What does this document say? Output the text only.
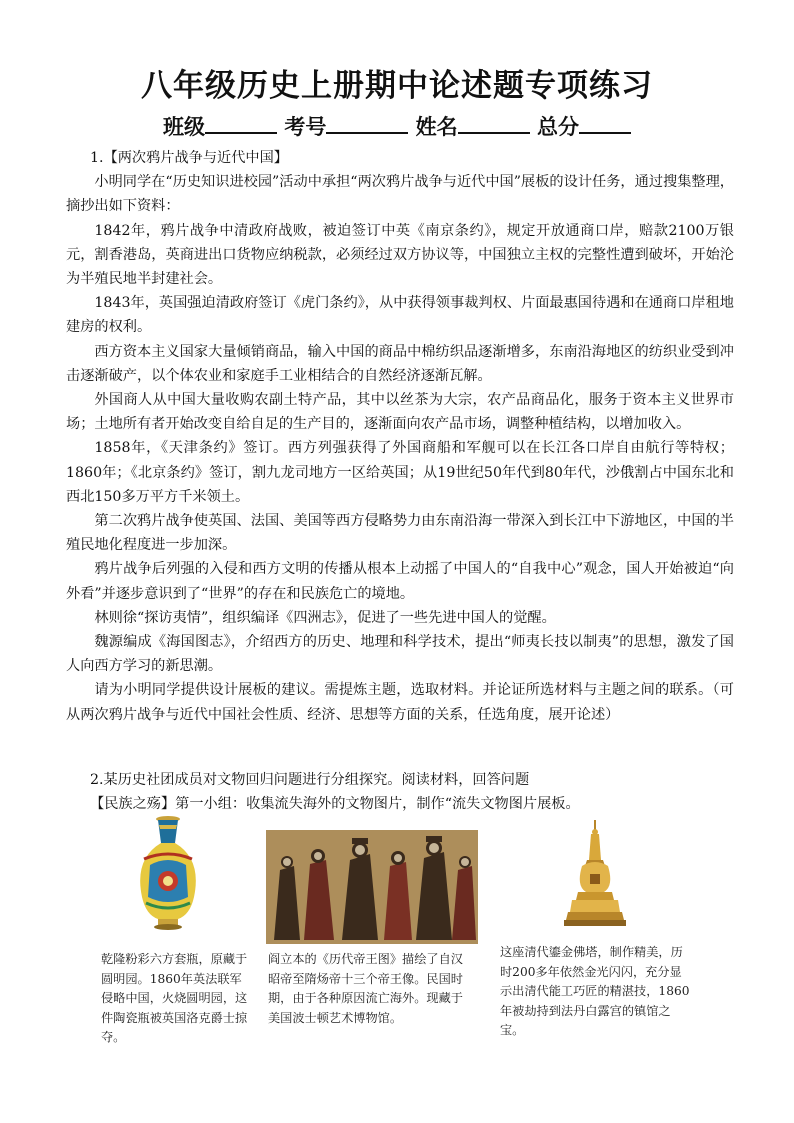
八年级历史上册期中论述题专项练习
班级	考号	姓名	总分

1.【两次鸦片战争与近代中国】

小明同学在“历史知识进校园”活动中承担“两次鸦片战争与近代中国”展板的设计任务，通过搜集整理，摘抄出如下资料：

1842年，鸦片战争中清政府战败，被迫签订中英《南京条约》，规定开放通商口岸，赔款2100万银元，割香港岛，英商进出口货物应纳税款，必须经过双方协议等，中国独立主权的完整性遭到破坏，开始沦为半殖民地半封建社会。

1843年，英国强迫清政府签订《虎门条约》，从中获得领事裁判权、片面最惠国待遇和在通商口岸租地建房的权利。

西方资本主义国家大量倾销商品，输入中国的商品中棉纺织品逐渐增多，东南沿海地区的纺织业受到冲击逐渐破产，以个体农业和家庭手工业相结合的自然经济逐渐瓦解。

外国商人从中国大量收购农副土特产品，其中以丝茶为大宗，农产品商品化，服务于资本主义世界市场；土地所有者开始改变自给自足的生产目的，逐渐面向农产品市场，调整种植结构，以增加收入。

1858年，《天津条约》签订。西方列强获得了外国商船和军舰可以在长江各口岸自由航行等特权；1860年；《北京条约》签订，割九龙司地方一区给英国；从19世纪50年代到80年代，沙俄割占中国东北和西北150多万平方千米领土。

第二次鸦片战争使英国、法国、美国等西方侵略势力由东南沿海一带深入到长江中下游地区，中国的半殖民地化程度进一步加深。

鸦片战争后列强的入侵和西方文明的传播从根本上动摇了中国人的“自我中心”观念，国人开始被迫“向外看”并逐步意识到了“世界”的存在和民族危亡的境地。

林则徐“探访夷情”，组织编译《四洲志》，促进了一些先进中国人的觉醒。

魏源编成《海国图志》，介绍西方的历史、地理和科学技术，提出“师夷长技以制夷”的思想，激发了国人向西方学习的新思潮。

请为小明同学提供设计展板的建议。需提炼主题，选取材料。并论证所选材料与主题之间的联系。（可从两次鸦片战争与近代中国社会性质、经济、思想等方面的关系，任选角度，展开论述）

2.某历史社团成员对文物回归问题进行分组探究。阅读材料，回答问题

【民族之殇】第一小组：收集流失海外的文物图片，制作“流失文物图片展板。

乾隆粉彩六方套瓶，原藏于圆明园。1860年英法联军侵略中国，火烧圆明园，这件陶瓷瓶被英国洛克爵士掠夺。
阎立本的《历代帝王图》描绘了自汉昭帝至隋炀帝十三个帝王像。民国时期，由于各种原因流亡海外。现藏于美国波士顿艺术博物馆。
这座清代鎏金佛塔，制作精美，历时200多年依然金光闪闪，充分显示出清代能工巧匠的精湛技，1860年被劫持到法丹白露宫的镇馆之宝。
